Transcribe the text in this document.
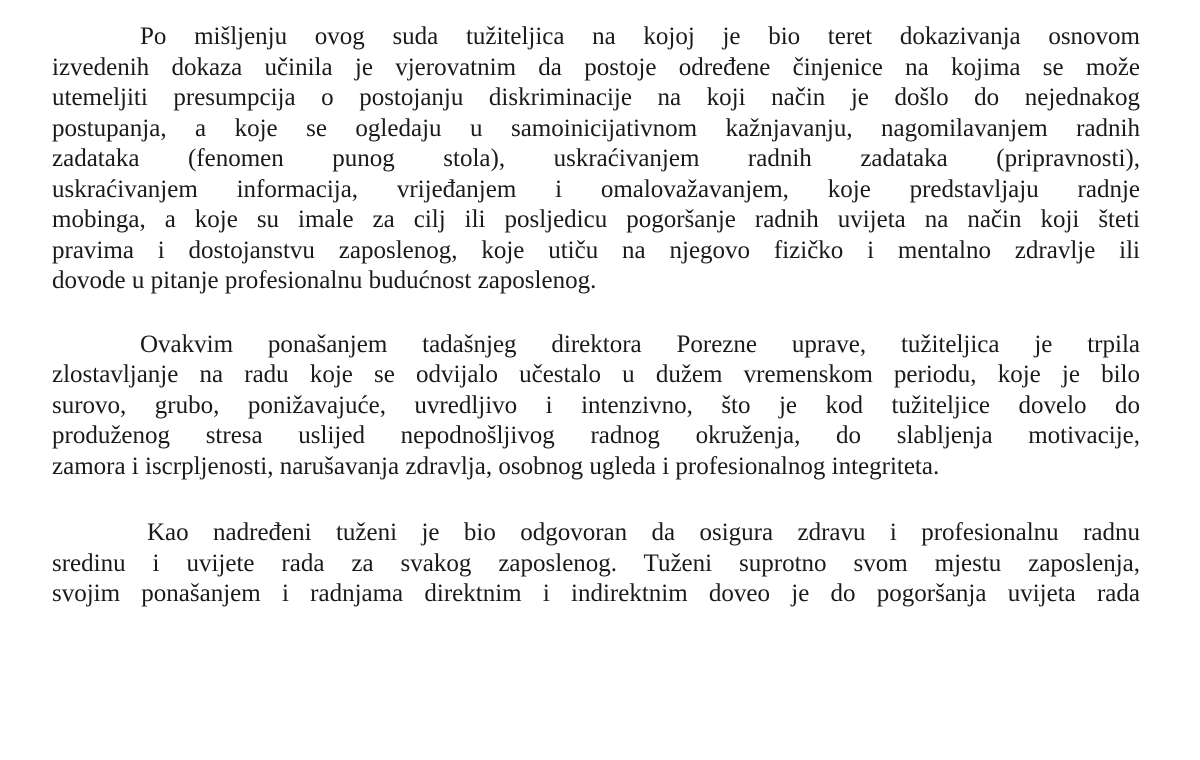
Po mišljenju ovog suda tužiteljica na kojoj je bio teret dokazivanja osnovom
izvedenih dokaza učinila je vjerovatnim da postoje određene činjenice na kojima se može
utemeljiti presumpcija o postojanju diskriminacije na koji način je došlo do nejednakog
postupanja, a koje se ogledaju u samoinicijativnom kažnjavanju, nagomilavanjem radnih
zadataka (fenomen punog stola), uskraćivanjem radnih zadataka (pripravnosti),
uskraćivanjem informacija, vrijeđanjem i omalovažavanjem, koje predstavljaju radnje
mobinga, a koje su imale za cilj ili posljedicu pogoršanje radnih uvijeta na način koji šteti
pravima i dostojanstvu zaposlenog, koje utiču na njegovo fizičko i mentalno zdravlje ili
dovode u pitanje profesionalnu budućnost zaposlenog.
Ovakvim ponašanjem tadašnjeg direktora Porezne uprave, tužiteljica je trpila
zlostavljanje na radu koje se odvijalo učestalo u dužem vremenskom periodu, koje je bilo
surovo, grubo, ponižavajuće, uvredljivo i intenzivno, što je kod tužiteljice dovelo do
produženog stresa uslijed nepodnošljivog radnog okruženja, do slabljenja motivacije,
zamora i iscrpljenosti, narušavanja zdravlja, osobnog ugleda i profesionalnog integriteta.
Kao nadređeni tuženi je bio odgovoran da osigura zdravu i profesionalnu radnu
sredinu i uvijete rada za svakog zaposlenog. Tuženi suprotno svom mjestu zaposlenja,
svojim ponašanjem i radnjama direktnim i indirektnim doveo je do pogoršanja uvijeta rada
